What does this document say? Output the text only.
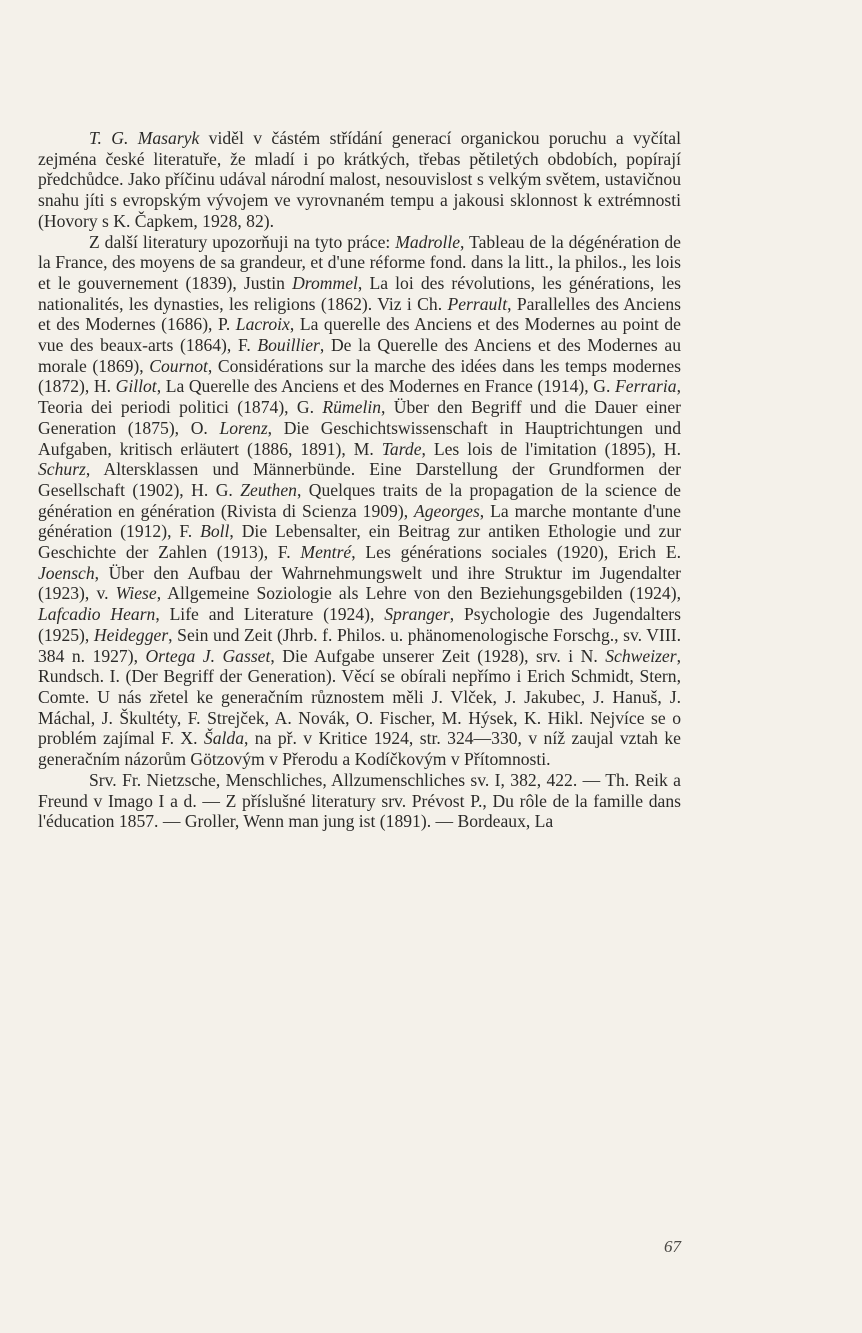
T. G. Masaryk viděl v částém střídání generací organickou poruchu a vyčítal zejména české literatuře, že mladí i po krátkých, třebas pětiletých obdobích, popírají předchůdce. Jako příčinu udával národní malost, nesouvislost s velkým světem, ustavičnou snahu jíti s evropským vývojem ve vyrovnaném tempu a jakousi sklonnost k extrémnosti (Hovory s K. Čapkem, 1928, 82).

Z další literatury upozorňuji na tyto práce: Madrolle, Tableau de la dégénération de la France, des moyens de sa grandeur, et d'une réforme fond. dans la litt., la philos., les lois et le gouvernement (1839), Justin Drommel, La loi des révolutions, les générations, les nationalités, les dynasties, les religions (1862). Viz i Ch. Perrault, Parallelles des Anciens et des Modernes (1686), P. Lacroix, La querelle des Anciens et des Modernes au point de vue des beaux-arts (1864), F. Bouillier, De la Querelle des Anciens et des Modernes au morale (1869), Cournot, Considérations sur la marche des idées dans les temps modernes (1872), H. Gillot, La Querelle des Anciens et des Modernes en France (1914), G. Ferraria, Teoria dei periodi politici (1874), G. Rümelin, Über den Begriff und die Dauer einer Generation (1875), O. Lorenz, Die Geschichtswissenschaft in Hauptrichtungen und Aufgaben, kritisch erläutert (1886, 1891), M. Tarde, Les lois de l'imitation (1895), H. Schurz, Altersklassen und Männerbünde. Eine Darstellung der Grundformen der Gesellschaft (1902), H. G. Zeuthen, Quelques traits de la propagation de la science de génération en génération (Rivista di Scienza 1909), Ageorges, La marche montante d'une génération (1912), F. Boll, Die Lebensalter, ein Beitrag zur antiken Ethologie und zur Geschichte der Zahlen (1913), F. Mentré, Les générations sociales (1920), Erich E. Joensch, Über den Aufbau der Wahrnehmungswelt und ihre Struktur im Jugendalter (1923), v. Wiese, Allgemeine Soziologie als Lehre von den Beziehungsgebilden (1924), Lafcadio Hearn, Life and Literature (1924), Spranger, Psychologie des Jugendalters (1925), Heidegger, Sein und Zeit (Jhrb. f. Philos. u. phänomenologische Forschg., sv. VIII. 384 n. 1927), Ortega J. Gasset, Die Aufgabe unserer Zeit (1928), srv. i N. Schweizer, Rundsch. I. (Der Begriff der Generation). Věcí se obírali nepřímo i Erich Schmidt, Stern, Comte. U nás zřetel ke generačním různostem měli J. Vlček, J. Jakubec, J. Hanuš, J. Máchal, J. Škultéty, F. Strejček, A. Novák, O. Fischer, M. Hýsek, K. Hikl. Nejvíce se o problém zajímal F. X. Šalda, na př. v Kritice 1924, str. 324—330, v níž zaujal vztah ke generačním názorům Götzovým v Přerodu a Kodíčkovým v Přítomnosti.

Srv. Fr. Nietzsche, Menschliches, Allzumenschliches sv. I, 382, 422. — Th. Reik a Freund v Imago I a d. — Z příslušné literatury srv. Prévost P., Du rôle de la famille dans l'éducation 1857. — Groller, Wenn man jung ist (1891). — Bordeaux, La

67
